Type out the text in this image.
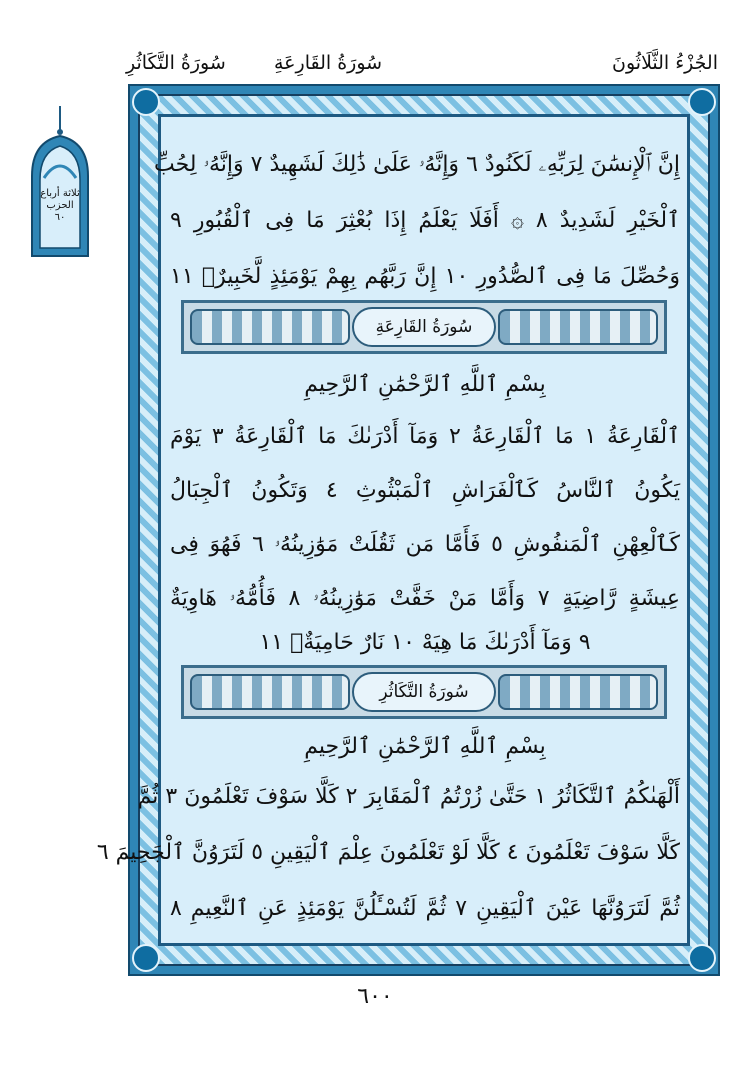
الجُزْءُ الثَّلَاثُونَ
سُورَةُ القَارِعَةِ
سُورَةُ التَّكَاثُرِ
ثلاثة أرباع
الحزب
٦٠
إِنَّ ٱلْإِنسَٰنَ لِرَبِّهِۦ لَكَنُودٌ ٦ وَإِنَّهُۥ عَلَىٰ ذَٰلِكَ لَشَهِيدٌ ٧ وَإِنَّهُۥ لِحُبِّ
ٱلْخَيْرِ لَشَدِيدٌ ٨ ۞ أَفَلَا يَعْلَمُ إِذَا بُعْثِرَ مَا فِى ٱلْقُبُورِ ٩
وَحُصِّلَ مَا فِى ٱلصُّدُورِ ١٠ إِنَّ رَبَّهُم بِهِمْ يَوْمَئِذٍ لَّخَبِيرٌۢ ١١
سُورَةُ القَارِعَةِ
بِسْمِ ٱللَّهِ ٱلرَّحْمَٰنِ ٱلرَّحِيمِ
ٱلْقَارِعَةُ ١ مَا ٱلْقَارِعَةُ ٢ وَمَآ أَدْرَىٰكَ مَا ٱلْقَارِعَةُ ٣ يَوْمَ
يَكُونُ ٱلنَّاسُ كَٱلْفَرَاشِ ٱلْمَبْثُوثِ ٤ وَتَكُونُ ٱلْجِبَالُ
كَٱلْعِهْنِ ٱلْمَنفُوشِ ٥ فَأَمَّا مَن ثَقُلَتْ مَوَٰزِينُهُۥ ٦ فَهُوَ فِى
عِيشَةٍ رَّاضِيَةٍ ٧ وَأَمَّا مَنْ خَفَّتْ مَوَٰزِينُهُۥ ٨ فَأُمُّهُۥ هَاوِيَةٌ
٩ وَمَآ أَدْرَىٰكَ مَا هِيَهْ ١٠ نَارٌ حَامِيَةٌۢ ١١
سُورَةُ التَّكَاثُرِ
بِسْمِ ٱللَّهِ ٱلرَّحْمَٰنِ ٱلرَّحِيمِ
أَلْهَىٰكُمُ ٱلتَّكَاثُرُ ١ حَتَّىٰ زُرْتُمُ ٱلْمَقَابِرَ ٢ كَلَّا سَوْفَ تَعْلَمُونَ ٣ ثُمَّ
كَلَّا سَوْفَ تَعْلَمُونَ ٤ كَلَّا لَوْ تَعْلَمُونَ عِلْمَ ٱلْيَقِينِ ٥ لَتَرَوُنَّ ٱلْجَحِيمَ ٦
ثُمَّ لَتَرَوُنَّهَا عَيْنَ ٱلْيَقِينِ ٧ ثُمَّ لَتُسْـَٔلُنَّ يَوْمَئِذٍ عَنِ ٱلنَّعِيمِ ٨
٦٠٠
